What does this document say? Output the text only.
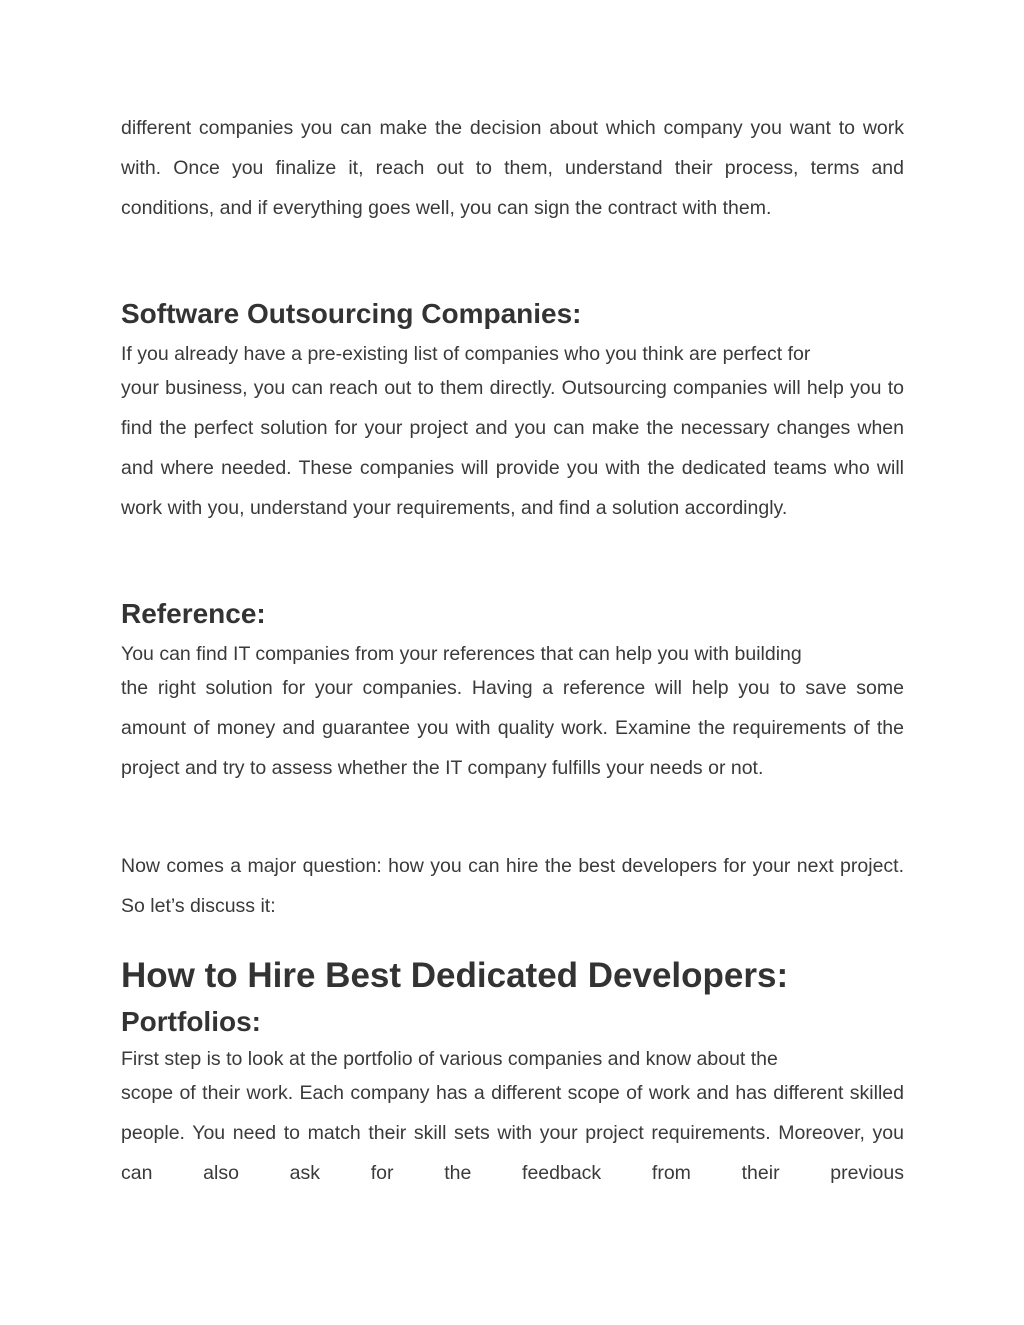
different companies you can make the decision about which company you want to work with. Once you finalize it, reach out to them, understand their process, terms and conditions, and if everything goes well, you can sign the contract with them.

Software Outsourcing Companies:
If you already have a pre-existing list of companies who you think are perfect for
your business, you can reach out to them directly. Outsourcing companies will help you to find the perfect solution for your project and you can make the necessary changes when and where needed. These companies will provide you with the dedicated teams who will work with you, understand your requirements, and find a solution accordingly.
Reference:
You can find IT companies from your references that can help you with building
the right solution for your companies. Having a reference will help you to save some amount of money and guarantee you with quality work. Examine the requirements of the project and try to assess whether the IT company fulfills your needs or not.

Now comes a major question: how you can hire the best developers for your next project. So let’s discuss it:

How to Hire Best Dedicated Developers:
Portfolios:
First step is to look at the portfolio of various companies and know about the
scope of their work. Each company has a different scope of work and has different skilled people. You need to match their skill sets with your project requirements. Moreover, you can also ask for the feedback from their previous
